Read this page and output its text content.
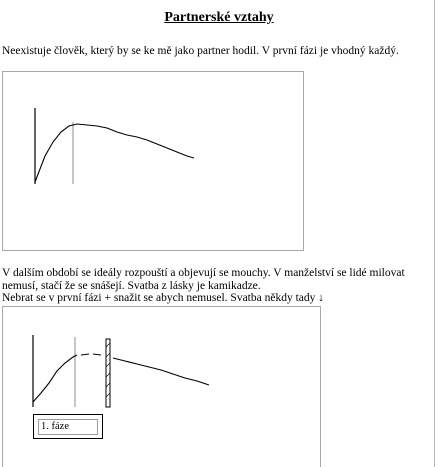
Partnerské vztahy
Neexistuje člověk, který by se ke mě jako partner hodil. V první fázi je vhodný každý.
V dalším období se ideály rozpouští a objevují se mouchy. V manželství se lidé milovat
nemusí, stačí že se snášejí. Svatba z lásky je kamikadze.
Nebrat se v první fázi + snažit se abych nemusel. Svatba někdy tady ↓
1. fáze
